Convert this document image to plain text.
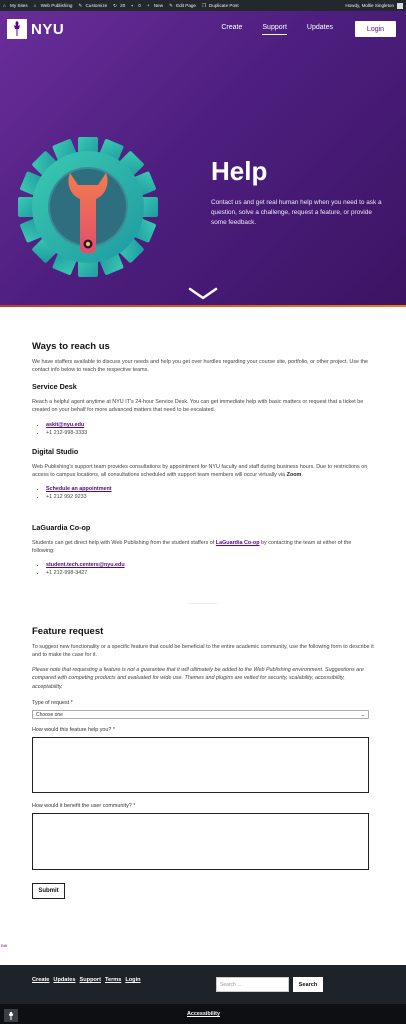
⌂ My Sites ⌂ Web Publishing ✎ Customize ↻ 20 ▪	0 + New ✎ Edit Page ❐ Duplicate Post	Howdy, Mollie Singleton
NYU	Create	Support	Updates	Login
Help
Contact us and get real human help when you need to ask a question, solve a challenge, request a feature, or provide some feedback.
Ways to reach us

We have staffers available to discuss your needs and help you get over hurdles regarding your course site, portfolio, or other project. Use the contact info below to reach the respective teams.

Service Desk

Reach a helpful agent anytime at NYU IT's 24-hour Service Desk. You can get immediate help with basic matters or request that a ticket be created on your behalf for more advanced matters that need to be escalated.

• askit@nyu.edu
• +1 212-998-3333
Digital Studio

Web Publishing's support team provides consultations by appointment for NYU faculty and staff during business hours. Due to restrictions on access to campus locations, all consultations scheduled with support team members will occur virtually via Zoom.

• Schedule an appointment
• +1 212 992 9233
LaGuardia Co-op

Students can get direct help with Web Publishing from the student staffers of LaGuardia Co-op by contacting the team at either of the following:

• student.tech.centers@nyu.edu
• +1 212-998-3427
Feature request

To suggest new functionality or a specific feature that could be beneficial to the entire academic community, use the following form to describe it and to make the case for it.

Please note that requesting a feature is not a guarantee that it will ultimately be added to the Web Publishing environment. Suggestions are compared with competing products and evaluated for wide use. Themes and plugins are vetted for security, scalability, accessibility, acceptability.

Type of request *
Choose one	⌄
How would this feature help you? *
How would it benefit the user community? *
Submit
Edit
Create Updates Support Terms Login
Search ...	Search
Accessibility
